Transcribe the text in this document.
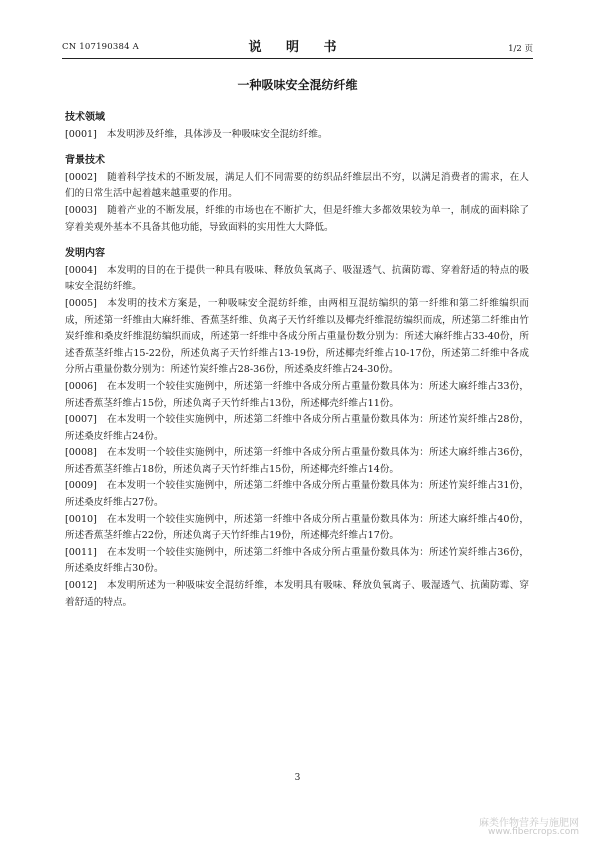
CN 107190384 A	说 明 书	1/2 页
一种吸味安全混纺纤维
技术领域
[0001] 本发明涉及纤维，具体涉及一种吸味安全混纺纤维。
背景技术
[0002] 随着科学技术的不断发展，满足人们不同需要的纺织品纤维层出不穷，以满足消费者的需求，在人们的日常生活中起着越来越重要的作用。
[0003] 随着产业的不断发展，纤维的市场也在不断扩大，但是纤维大多都效果较为单一，制成的面料除了穿着美观外基本不具备其他功能，导致面料的实用性大大降低。
发明内容
[0004] 本发明的目的在于提供一种具有吸味、释放负氧离子、吸湿透气、抗菌防霉、穿着舒适的特点的吸味安全混纺纤维。
[0005] 本发明的技术方案是，一种吸味安全混纺纤维，由两相互混纺编织的第一纤维和第二纤维编织而成，所述第一纤维由大麻纤维、香蕉茎纤维、负离子天竹纤维以及椰壳纤维混纺编织而成，所述第二纤维由竹炭纤维和桑皮纤维混纺编织而成，所述第一纤维中各成分所占重量份数分别为：所述大麻纤维占33-40份，所述香蕉茎纤维占15-22份，所述负离子天竹纤维占13-19份，所述椰壳纤维占10-17份，所述第二纤维中各成分所占重量份数分别为：所述竹炭纤维占28-36份，所述桑皮纤维占24-30份。
[0006] 在本发明一个较佳实施例中，所述第一纤维中各成分所占重量份数具体为：所述大麻纤维占33份，所述香蕉茎纤维占15份，所述负离子天竹纤维占13份，所述椰壳纤维占11份。
[0007] 在本发明一个较佳实施例中，所述第二纤维中各成分所占重量份数具体为：所述竹炭纤维占28份，所述桑皮纤维占24份。
[0008] 在本发明一个较佳实施例中，所述第一纤维中各成分所占重量份数具体为：所述大麻纤维占36份，所述香蕉茎纤维占18份，所述负离子天竹纤维占15份，所述椰壳纤维占14份。
[0009] 在本发明一个较佳实施例中，所述第二纤维中各成分所占重量份数具体为：所述竹炭纤维占31份，所述桑皮纤维占27份。
[0010] 在本发明一个较佳实施例中，所述第一纤维中各成分所占重量份数具体为：所述大麻纤维占40份，所述香蕉茎纤维占22份，所述负离子天竹纤维占19份，所述椰壳纤维占17份。
[0011] 在本发明一个较佳实施例中，所述第二纤维中各成分所占重量份数具体为：所述竹炭纤维占36份，所述桑皮纤维占30份。
[0012] 本发明所述为一种吸味安全混纺纤维，本发明具有吸味、释放负氧离子、吸湿透气、抗菌防霉、穿着舒适的特点。
3
麻类作物营养与施肥网
www.fibercrops.com
